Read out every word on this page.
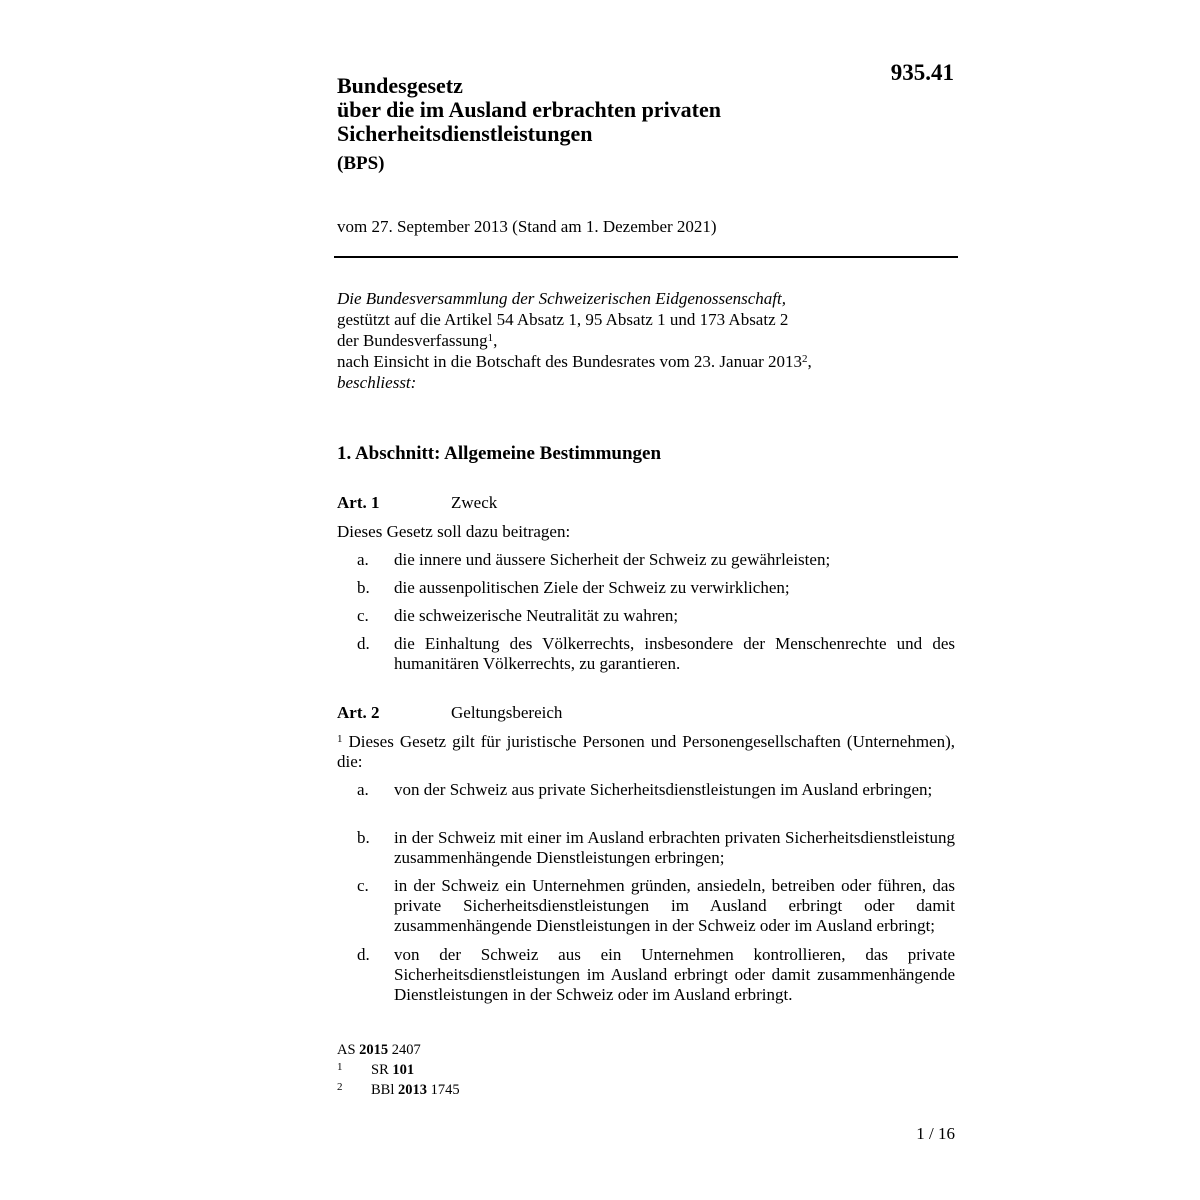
935.41
Bundesgesetz
über die im Ausland erbrachten privaten
Sicherheitsdienstleistungen
(BPS)
vom 27. September 2013 (Stand am 1. Dezember 2021)
Die Bundesversammlung der Schweizerischen Eidgenossenschaft,
gestützt auf die Artikel 54 Absatz 1, 95 Absatz 1 und 173 Absatz 2
der Bundesverfassung$^1$,
nach Einsicht in die Botschaft des Bundesrates vom 23. Januar 2013$^2$,
beschliesst:
1. Abschnitt: Allgemeine Bestimmungen
Art. 1	Zweck
Dieses Gesetz soll dazu beitragen:
a. die innere und äussere Sicherheit der Schweiz zu gewährleisten;
b. die aussenpolitischen Ziele der Schweiz zu verwirklichen;
c. die schweizerische Neutralität zu wahren;
d. die Einhaltung des Völkerrechts, insbesondere der Menschenrechte und des humanitären Völkerrechts, zu garantieren.
Art. 2	Geltungsbereich
$^1$ Dieses Gesetz gilt für juristische Personen und Personengesellschaften (Unternehmen), die:
a. von der Schweiz aus private Sicherheitsdienstleistungen im Ausland erbringen;
b. in der Schweiz mit einer im Ausland erbrachten privaten Sicherheitsdienstleistung zusammenhängende Dienstleistungen erbringen;
c. in der Schweiz ein Unternehmen gründen, ansiedeln, betreiben oder führen, das private Sicherheitsdienstleistungen im Ausland erbringt oder damit zusammenhängende Dienstleistungen in der Schweiz oder im Ausland erbringt;
d. von der Schweiz aus ein Unternehmen kontrollieren, das private Sicherheitsdienstleistungen im Ausland erbringt oder damit zusammenhängende Dienstleistungen in der Schweiz oder im Ausland erbringt.
AS 2015 2407
1 SR 101
2 BBl 2013 1745
1 / 16
